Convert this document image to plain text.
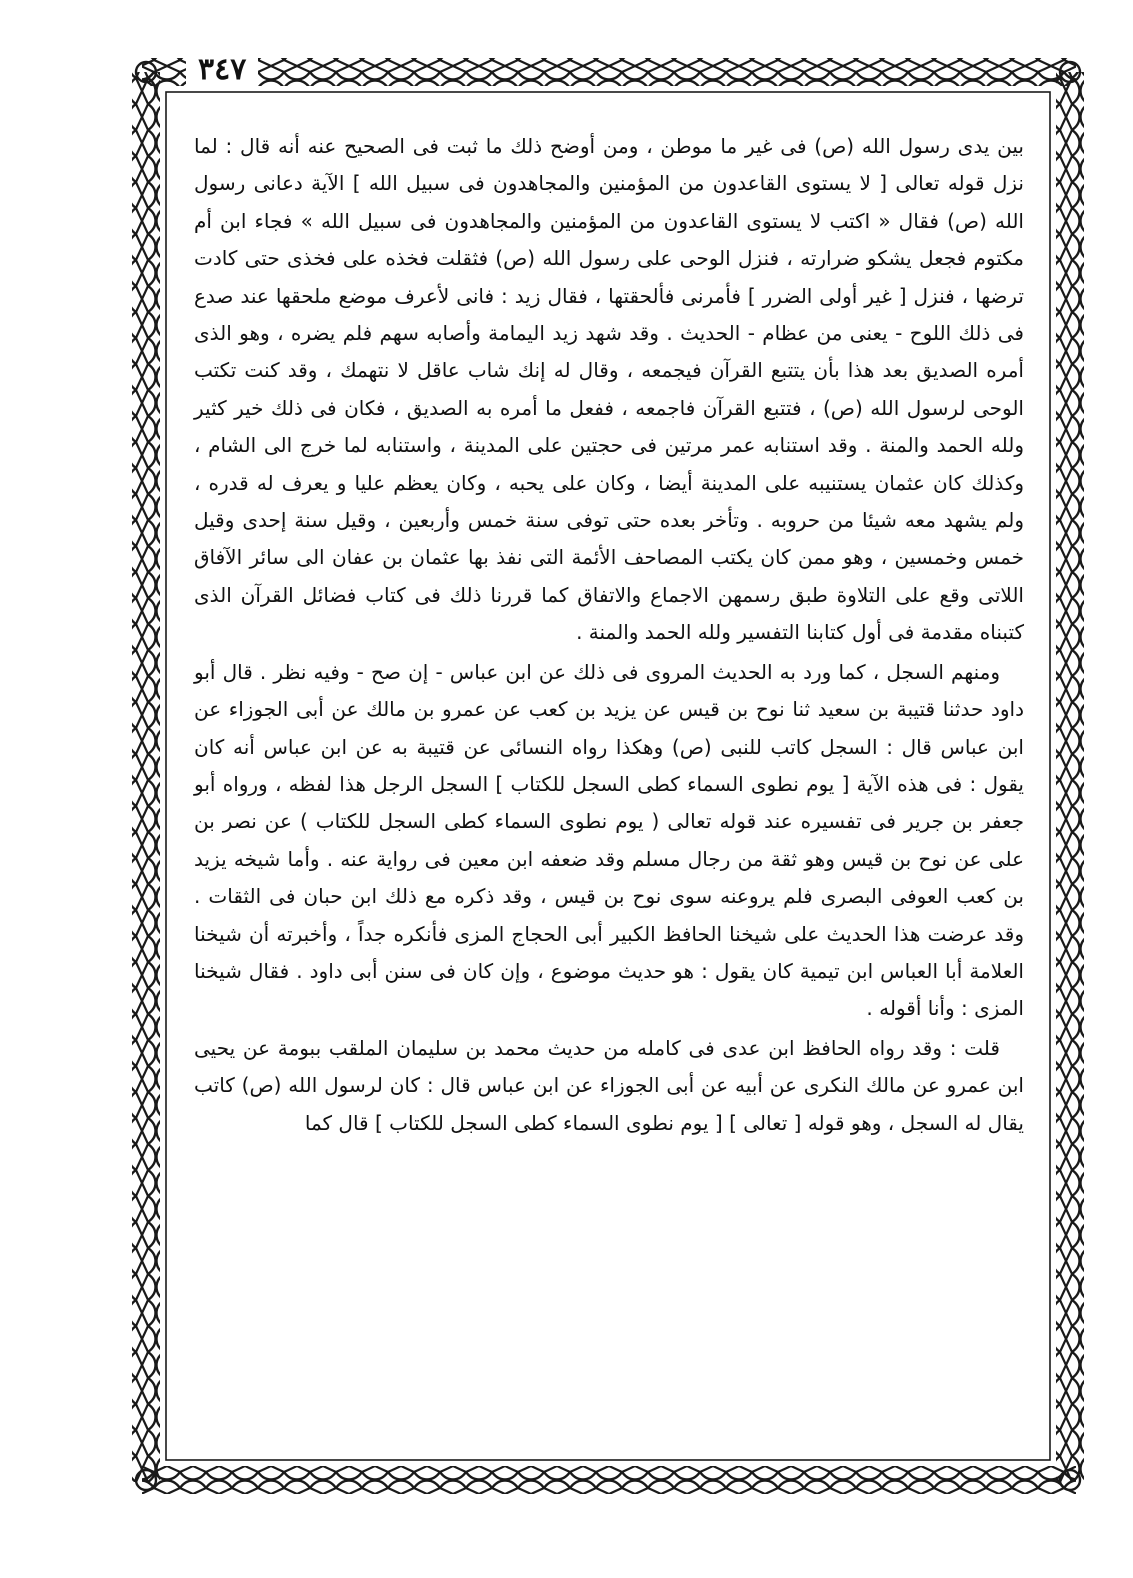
٣٤٧

بين يدى رسول الله (ص) فى غير ما موطن ، ومن أوضح ذلك ما ثبت فى الصحيح عنه أنه قال : لما نزل قوله تعالى [ لا يستوى القاعدون من المؤمنين والمجاهدون فى سبيل الله ] الآية دعانى رسول الله (ص) فقال « اكتب لا يستوى القاعدون من المؤمنين والمجاهدون فى سبيل الله » فجاء ابن أم مكتوم فجعل يشكو ضرارته ، فنزل الوحى على رسول الله (ص) فثقلت فخذه على فخذى حتى كادت ترضها ، فنزل [ غير أولى الضرر ] فأمرنى فألحقتها ، فقال زيد : فانى لأعرف موضع ملحقها عند صدع فى ذلك اللوح - يعنى من عظام - الحديث . وقد شهد زيد اليمامة وأصابه سهم فلم يضره ، وهو الذى أمره الصديق بعد هذا بأن يتتبع القرآن فيجمعه ، وقال له إنك شاب عاقل لا نتهمك ، وقد كنت تكتب الوحى لرسول الله (ص) ، فتتبع القرآن فاجمعه ، ففعل ما أمره به الصديق ، فكان فى ذلك خير كثير ولله الحمد والمنة . وقد استنابه عمر مرتين فى حجتين على المدينة ، واستنابه لما خرج الى الشام ، وكذلك كان عثمان يستنيبه على المدينة أيضا ، وكان على يحبه ، وكان يعظم عليا و يعرف له قدره ، ولم يشهد معه شيئا من حروبه . وتأخر بعده حتى توفى سنة خمس وأربعين ، وقيل سنة إحدى وقيل خمس وخمسين ، وهو ممن كان يكتب المصاحف الأئمة التى نفذ بها عثمان بن عفان الى سائر الآفاق اللاتى وقع على التلاوة طبق رسمهن الاجماع والاتفاق كما قررنا ذلك فى كتاب فضائل القرآن الذى كتبناه مقدمة فى أول كتابنا التفسير ولله الحمد والمنة .

ومنهم السجل ، كما ورد به الحديث المروى فى ذلك عن ابن عباس - إن صح - وفيه نظر . قال أبو داود حدثنا قتيبة بن سعيد ثنا نوح بن قيس عن يزيد بن كعب عن عمرو بن مالك عن أبى الجوزاء عن ابن عباس قال : السجل كاتب للنبى (ص) وهكذا رواه النسائى عن قتيبة به عن ابن عباس أنه كان يقول : فى هذه الآية [ يوم نطوى السماء كطى السجل للكتاب ] السجل الرجل هذا لفظه ، ورواه أبو جعفر بن جرير فى تفسيره عند قوله تعالى ( يوم نطوى السماء كطى السجل للكتاب ) عن نصر بن على عن نوح بن قيس وهو ثقة من رجال مسلم وقد ضعفه ابن معين فى رواية عنه . وأما شيخه يزيد بن كعب العوفى البصرى فلم يروعنه سوى نوح بن قيس ، وقد ذكره مع ذلك ابن حبان فى الثقات . وقد عرضت هذا الحديث على شيخنا الحافظ الكبير أبى الحجاج المزى فأنكره جداً ، وأخبرته أن شيخنا العلامة أبا العباس ابن تيمية كان يقول : هو حديث موضوع ، وإن كان فى سنن أبى داود . فقال شيخنا المزى : وأنا أقوله .

قلت : وقد رواه الحافظ ابن عدى فى كامله من حديث محمد بن سليمان الملقب ببومة عن يحيى ابن عمرو عن مالك النكرى عن أبيه عن أبى الجوزاء عن ابن عباس قال : كان لرسول الله (ص) كاتب يقال له السجل ، وهو قوله [ تعالى ] [ يوم نطوى السماء كطى السجل للكتاب ] قال كما
